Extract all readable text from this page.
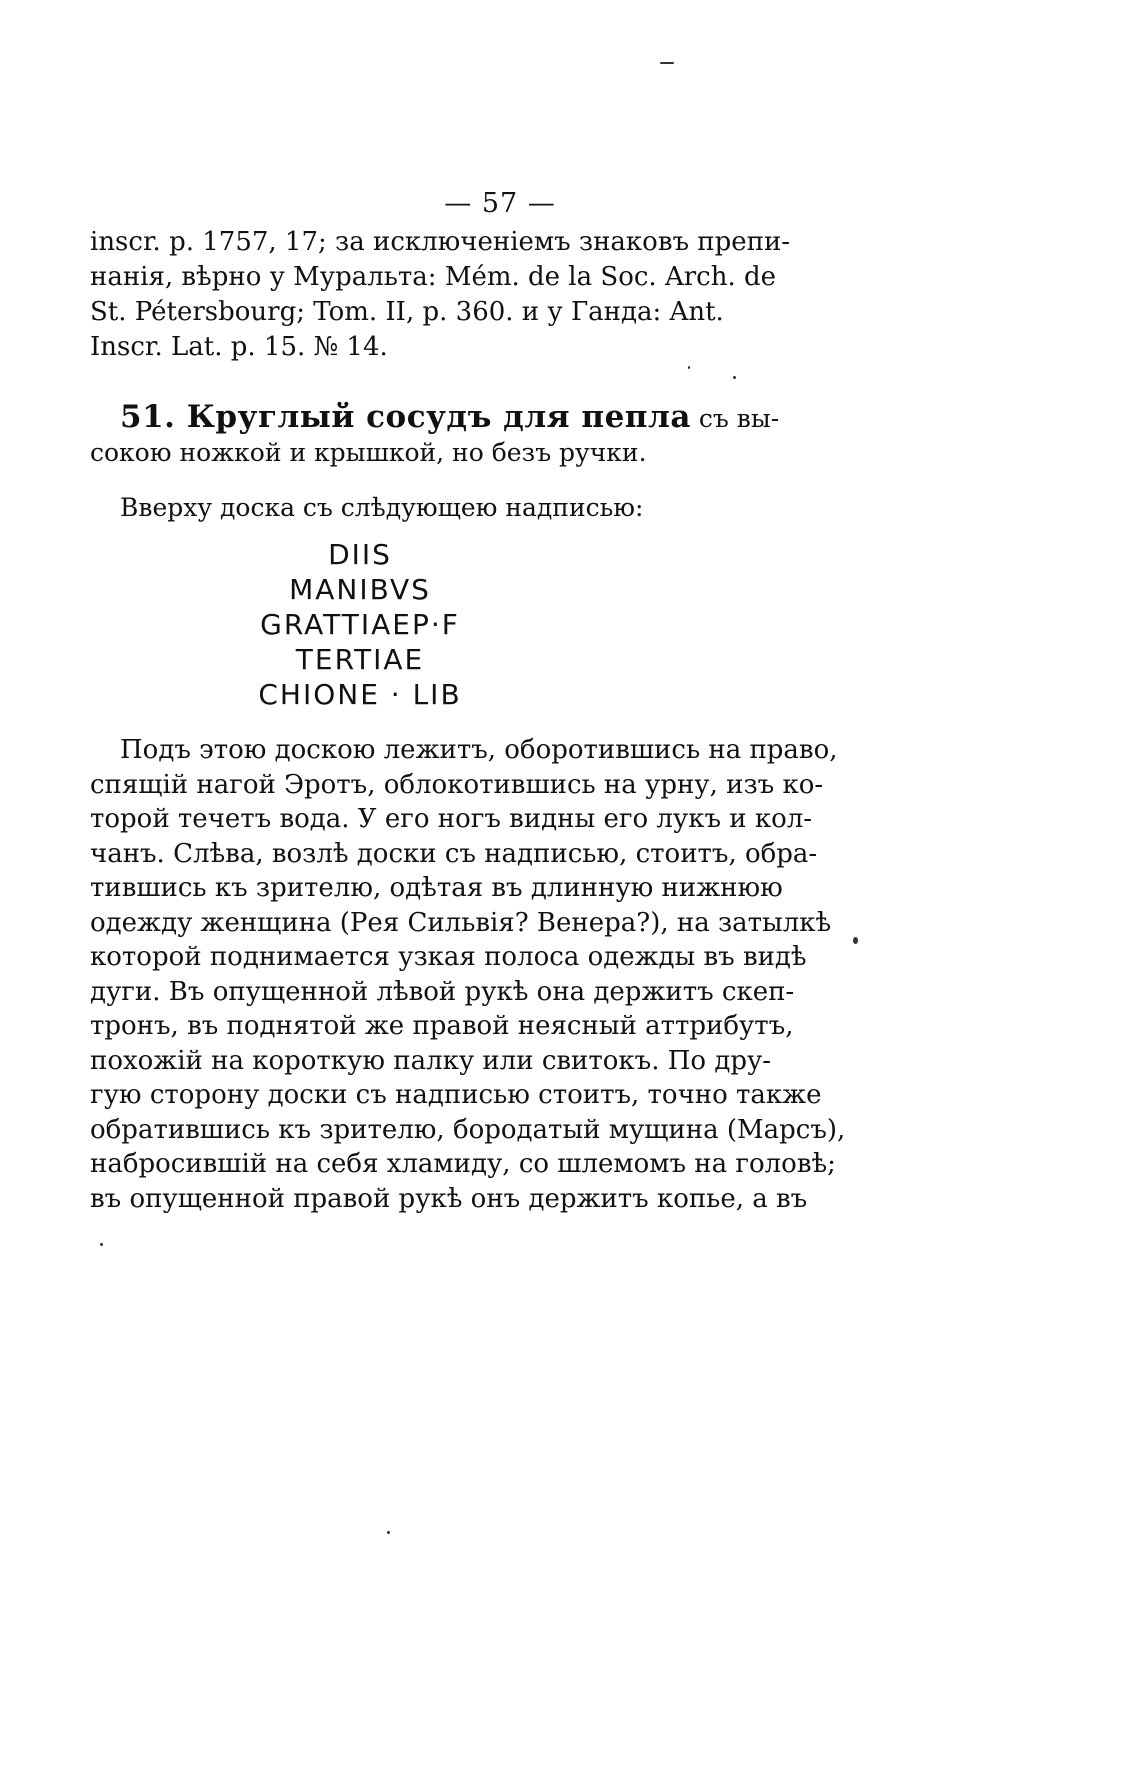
— 57 —
inscr. p. 1757, 17; за исключеніемъ знаковъ препи-
нанія, вѣрно у Муральта: Mém. de la Soc. Arch. de
St. Pétersbourg; Tom. II, p. 360. и у Ганда: Ant.
Inscr. Lat. p. 15. № 14.
51. Круглый сосудъ для пепла съ вы-
сокою ножкой и крышкой, но безъ ручки.
Вверху доска съ слѣдующею надписью:
DIIS
MANIBVS
GRATTIAEP·F
TERTIAE
CHIONE · LIB
Подъ этою доскою лежитъ, оборотившись на право,
спящій нагой Эротъ, облокотившись на урну, изъ ко-
торой течетъ вода. У его ногъ видны его лукъ и кол-
чанъ. Слѣва, возлѣ доски съ надписью, стоитъ, обра-
тившись къ зрителю, одѣтая въ длинную нижнюю
одежду женщина (Рея Сильвія? Венера?), на затылкѣ
которой поднимается узкая полоса одежды въ видѣ
дуги. Въ опущенной лѣвой рукѣ она держитъ скеп-
тронъ, въ поднятой же правой неясный аттрибутъ,
похожій на короткую палку или свитокъ. По дру-
гую сторону доски съ надписью стоитъ, точно также
обратившись къ зрителю, бородатый мущина (Марсъ),
набросившій на себя хламиду, со шлемомъ на головѣ;
въ опущенной правой рукѣ онъ держитъ копье, а въ
